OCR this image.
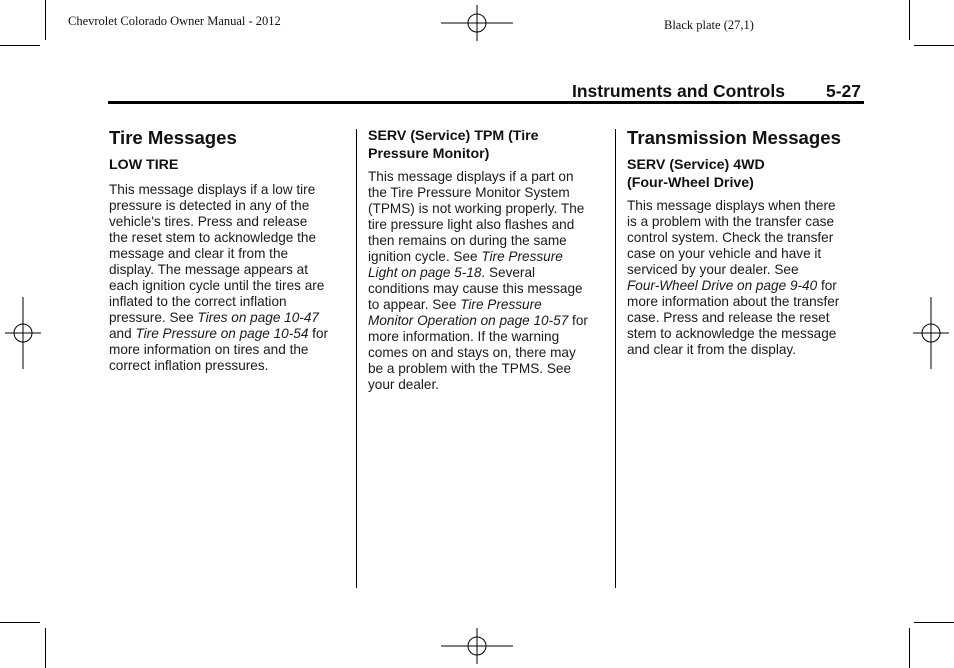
Chevrolet Colorado Owner Manual - 2012	Black plate (27,1)
Instruments and Controls 5-27
Tire Messages
LOW TIRE

This message displays if a low tire

pressure is detected in any of the

vehicle's tires. Press and release

the reset stem to acknowledge the

message and clear it from the

display. The message appears at

each ignition cycle until the tires are

inflated to the correct inflation

pressure. See Tires on page 10-47

and Tire Pressure on page 10-54 for

more information on tires and the

correct inflation pressures.

SERV (Service) TPM (Tire
Pressure Monitor)

This message displays if a part on

the Tire Pressure Monitor System

(TPMS) is not working properly. The

tire pressure light also flashes and

then remains on during the same

ignition cycle. See Tire Pressure

Light on page 5-18. Several

conditions may cause this message

to appear. See Tire Pressure

Monitor Operation on page 10-57 for

more information. If the warning

comes on and stays on, there may

be a problem with the TPMS. See

your dealer.

Transmission Messages
SERV (Service) 4WD
(Four-Wheel Drive)

This message displays when there

is a problem with the transfer case

control system. Check the transfer

case on your vehicle and have it

serviced by your dealer. See

Four-Wheel Drive on page 9-40 for

more information about the transfer

case. Press and release the reset

stem to acknowledge the message

and clear it from the display.
